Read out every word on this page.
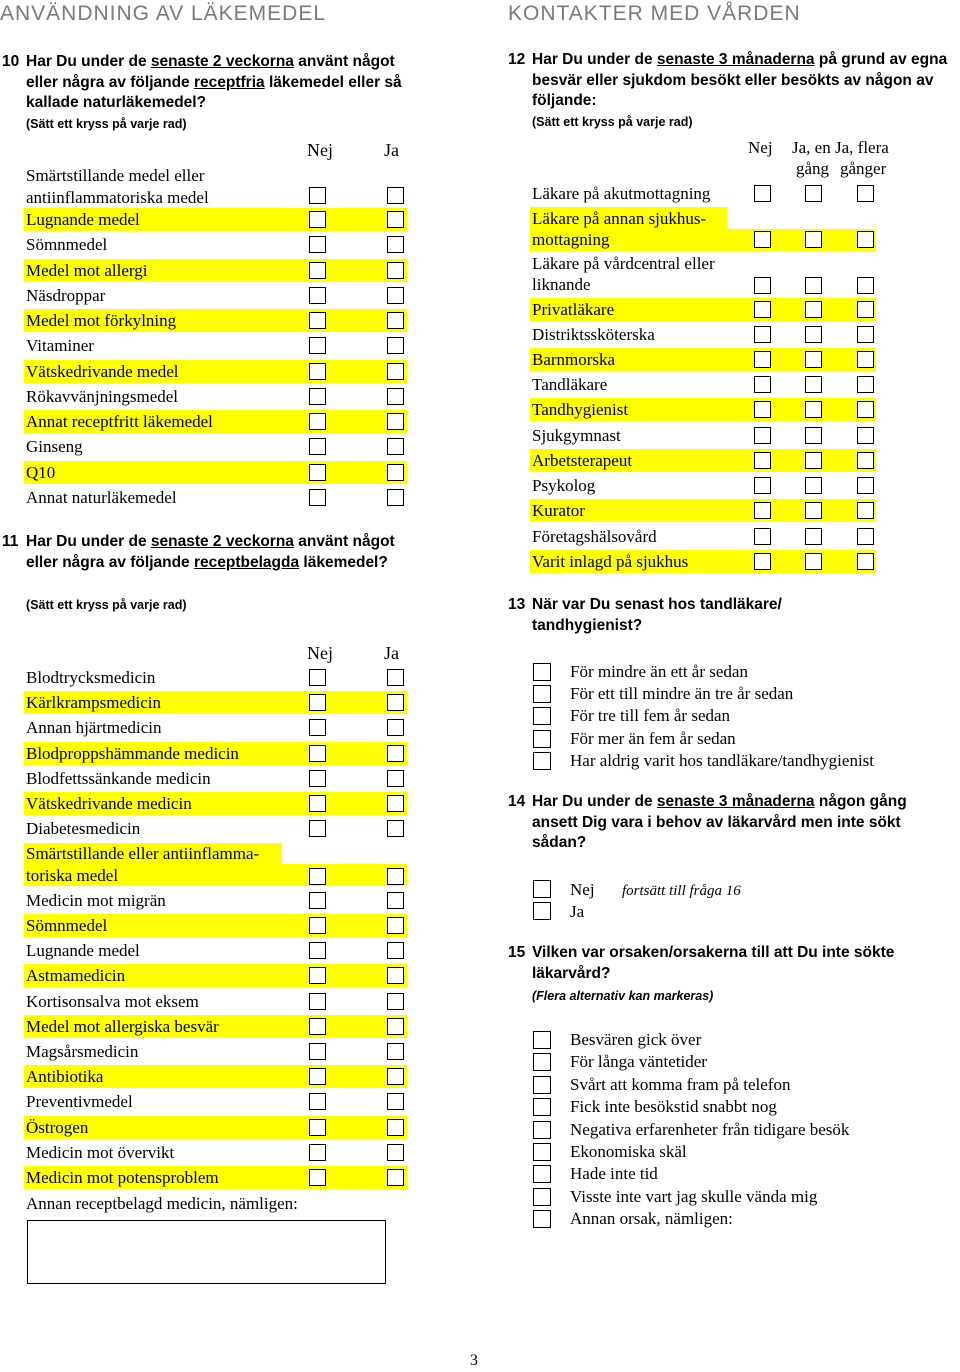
ANVÄNDNING AV LÄKEMEDEL
10 Har Du under de senaste 2 veckorna använt något eller några av följande receptfria läkemedel eller så kallade naturläkemedel?
(Sätt ett kryss på varje rad)
Nej	Ja
Smärtstillande medel eller
antiinflammatoriska medel
Lugnande medel
Sömnmedel
Medel mot allergi
Näsdroppar
Medel mot förkylning
Vitaminer
Vätskedrivande medel
Rökavvänjningsmedel
Annat receptfritt läkemedel
Ginseng
Q10
Annat naturläkemedel
11 Har Du under de senaste 2 veckorna använt något eller några av följande receptbelagda läkemedel?
(Sätt ett kryss på varje rad)
Nej	Ja
Blodtrycksmedicin
Kärlkrampsmedicin
Annan hjärtmedicin
Blodproppshämmande medicin
Blodfettssänkande medicin
Vätskedrivande medicin
Diabetesmedicin
Smärtstillande eller antiinflamma-
toriska medel
Medicin mot migrän
Sömnmedel
Lugnande medel
Astmamedicin
Kortisonsalva mot eksem
Medel mot allergiska besvär
Magsårsmedicin
Antibiotika
Preventivmedel
Östrogen
Medicin mot övervikt
Medicin mot potensproblem
Annan receptbelagd medicin, nämligen:
KONTAKTER MED VÅRDEN
12 Har Du under de senaste 3 månaderna på grund av egna besvär eller sjukdom besökt eller besökts av någon av följande:
(Sätt ett kryss på varje rad)
Nej Ja, en
gång
Ja, flera
gånger
Läkare på akutmottagning
Läkare på annan sjukhus-
mottagning
Läkare på vårdcentral eller
liknande
Privatläkare
Distriktssköterska
Barnmorska
Tandläkare
Tandhygienist
Sjukgymnast
Arbetsterapeut
Psykolog
Kurator
Företagshälsovård
Varit inlagd på sjukhus
13 När var Du senast hos tandläkare/ tandhygienist?
För mindre än ett år sedan
För ett till mindre än tre år sedan
För tre till fem år sedan
För mer än fem år sedan
Har aldrig varit hos tandläkare/tandhygienist
14 Har Du under de senaste 3 månaderna någon gång ansett Dig vara i behov av läkarvård men inte sökt sådan?
Nej fortsätt till fråga 16
Ja
15 Vilken var orsaken/orsakerna till att Du inte sökte läkarvård?
(Flera alternativ kan markeras)
Besvären gick över
För långa väntetider
Svårt att komma fram på telefon
Fick inte besökstid snabbt nog
Negativa erfarenheter från tidigare besök
Ekonomiska skäl
Hade inte tid
Visste inte vart jag skulle vända mig
Annan orsak, nämligen:
3
